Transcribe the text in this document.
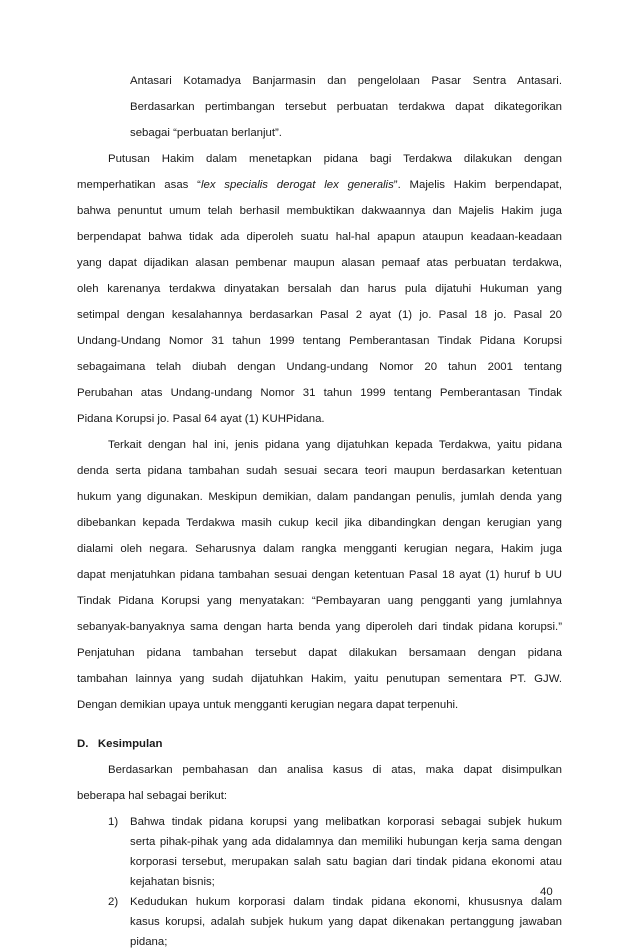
Antasari Kotamadya Banjarmasin dan pengelolaan Pasar Sentra Antasari.
Berdasarkan pertimbangan tersebut perbuatan terdakwa dapat dikategorikan
sebagai “perbuatan berlanjut”.
Putusan Hakim dalam menetapkan pidana bagi Terdakwa dilakukan dengan
memperhatikan asas “lex specialis derogat lex generalis”. Majelis Hakim berpendapat,
bahwa penuntut umum telah berhasil membuktikan dakwaannya dan Majelis Hakim juga
berpendapat bahwa tidak ada diperoleh suatu hal-hal apapun ataupun keadaan-keadaan
yang dapat dijadikan alasan pembenar maupun alasan pemaaf atas perbuatan terdakwa,
oleh karenanya terdakwa dinyatakan bersalah dan harus pula dijatuhi Hukuman yang
setimpal dengan kesalahannya berdasarkan Pasal 2 ayat (1) jo. Pasal 18 jo. Pasal 20
Undang-Undang Nomor 31 tahun 1999 tentang Pemberantasan Tindak Pidana Korupsi
sebagaimana telah diubah dengan Undang-undang Nomor 20 tahun 2001 tentang
Perubahan atas Undang-undang Nomor 31 tahun 1999 tentang Pemberantasan Tindak
Pidana Korupsi jo. Pasal 64 ayat (1) KUHPidana.
Terkait dengan hal ini, jenis pidana yang dijatuhkan kepada Terdakwa, yaitu pidana
denda serta pidana tambahan sudah sesuai secara teori maupun berdasarkan ketentuan
hukum yang digunakan. Meskipun demikian, dalam pandangan penulis, jumlah denda yang
dibebankan kepada Terdakwa masih cukup kecil jika dibandingkan dengan kerugian yang
dialami oleh negara. Seharusnya dalam rangka mengganti kerugian negara, Hakim juga
dapat menjatuhkan pidana tambahan sesuai dengan ketentuan Pasal 18 ayat (1) huruf b UU
Tindak Pidana Korupsi yang menyatakan: “Pembayaran uang pengganti yang jumlahnya
sebanyak-banyaknya sama dengan harta benda yang diperoleh dari tindak pidana korupsi.”
Penjatuhan pidana tambahan tersebut dapat dilakukan bersamaan dengan pidana
tambahan lainnya yang sudah dijatuhkan Hakim, yaitu penutupan sementara PT. GJW.
Dengan demikian upaya untuk mengganti kerugian negara dapat terpenuhi.
D.   Kesimpulan
Berdasarkan pembahasan dan analisa kasus di atas, maka dapat disimpulkan
beberapa hal sebagai berikut:
1)
40
Bahwa tindak pidana korupsi yang melibatkan korporasi sebagai subjek hukum
serta pihak-pihak yang ada didalamnya dan memiliki hubungan kerja sama dengan
korporasi tersebut, merupakan salah satu bagian dari tindak pidana ekonomi atau
kejahatan bisnis;
2) Kedudukan hukum korporasi dalam tindak pidana ekonomi, khususnya dalam
kasus korupsi, adalah subjek hukum yang dapat dikenakan pertanggung jawaban
pidana;
